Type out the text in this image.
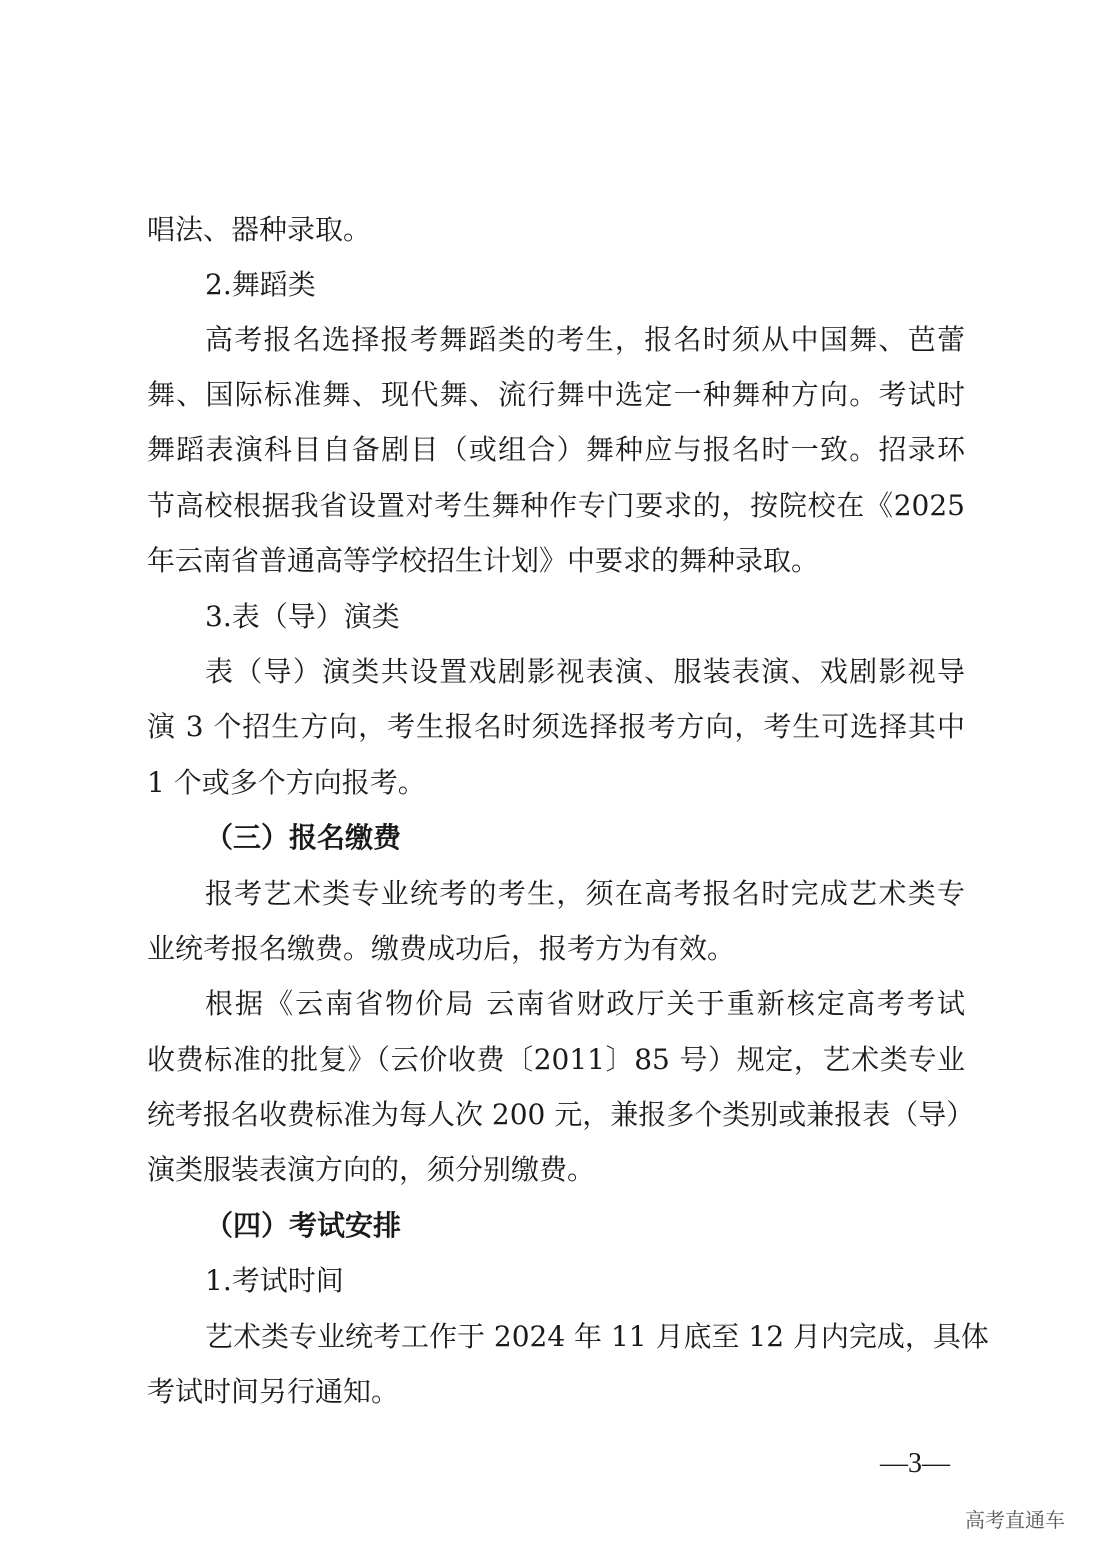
唱法、器种录取。
2.舞蹈类
高考报名选择报考舞蹈类的考生，报名时须从中国舞、芭蕾
舞、国际标准舞、现代舞、流行舞中选定一种舞种方向。考试时
舞蹈表演科目自备剧目（或组合）舞种应与报名时一致。招录环
节高校根据我省设置对考生舞种作专门要求的，按院校在《2025
年云南省普通高等学校招生计划》中要求的舞种录取。
3.表（导）演类
表（导）演类共设置戏剧影视表演、服装表演、戏剧影视导
演 3 个招生方向，考生报名时须选择报考方向，考生可选择其中
1 个或多个方向报考。
（三）报名缴费
报考艺术类专业统考的考生，须在高考报名时完成艺术类专
业统考报名缴费。缴费成功后，报考方为有效。
根据《云南省物价局 云南省财政厅关于重新核定高考考试
收费标准的批复》（云价收费〔2011〕85 号）规定，艺术类专业
统考报名收费标准为每人次 200 元，兼报多个类别或兼报表（导）
演类服装表演方向的，须分别缴费。
（四）考试安排
1.考试时间
艺术类专业统考工作于 2024 年 11 月底至 12 月内完成，具体
考试时间另行通知。
—3—
高考直通车
